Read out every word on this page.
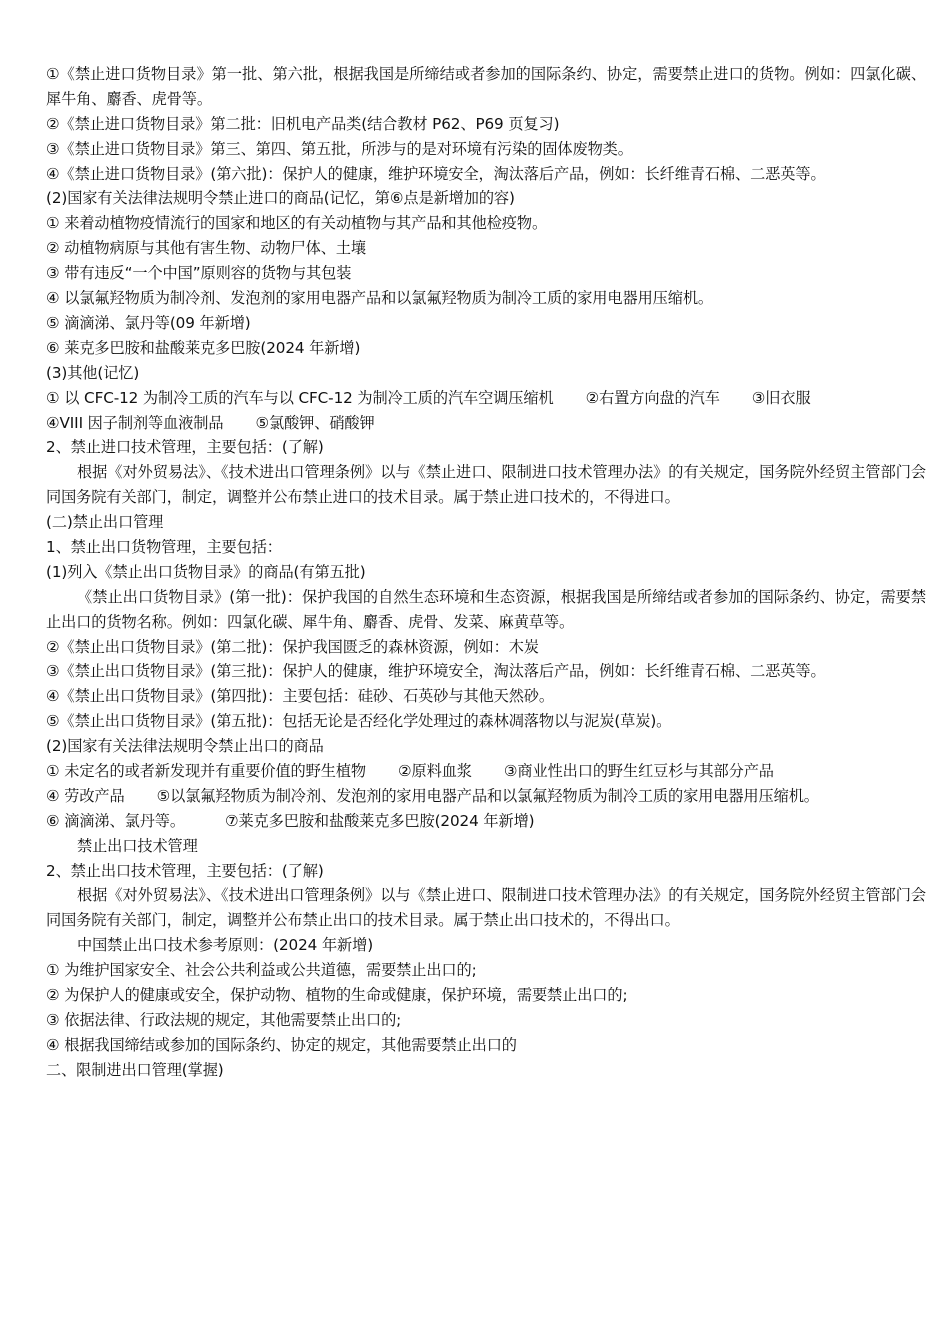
①《禁止进口货物目录》第一批、第六批，根据我国是所缔结或者参加的国际条约、协定，需要禁止进口的货物。例如：四氯化碳、犀牛角、麝香、虎骨等。
②《禁止进口货物目录》第二批：旧机电产品类(结合教材 P62、P69 页复习)
③《禁止进口货物目录》第三、第四、第五批，所涉与的是对环境有污染的固体废物类。
④《禁止进口货物目录》(第六批)：保护人的健康，维护环境安全，淘汰落后产品，例如：长纤维青石棉、二恶英等。
(2)国家有关法律法规明令禁止进口的商品(记忆，第⑥点是新增加的容)
① 来着动植物疫情流行的国家和地区的有关动植物与其产品和其他检疫物。
② 动植物病原与其他有害生物、动物尸体、土壤
③ 带有违反“一个中国”原则容的货物与其包装
④ 以氯氟羟物质为制冷剂、发泡剂的家用电器产品和以氯氟羟物质为制冷工质的家用电器用压缩机。
⑤ 滴滴涕、氯丹等(09 年新增)
⑥ 莱克多巴胺和盐酸莱克多巴胺(2024 年新增)
(3)其他(记忆)
① 以 CFC-12 为制冷工质的汽车与以 CFC-12 为制冷工质的汽车空调压缩机 ②右置方向盘的汽车 ③旧衣服
④VIII 因子制剂等血液制品 ⑤氯酸钾、硝酸钾
2、禁止进口技术管理，主要包括：(了解)
根据《对外贸易法》、《技术进出口管理条例》以与《禁止进口、限制进口技术管理办法》的有关规定，国务院外经贸主管部门会同国务院有关部门，制定，调整并公布禁止进口的技术目录。属于禁止进口技术的，不得进口。
(二)禁止出口管理
1、禁止出口货物管理，主要包括：
(1)列入《禁止出口货物目录》的商品(有第五批)
《禁止出口货物目录》(第一批)：保护我国的自然生态环境和生态资源，根据我国是所缔结或者参加的国际条约、协定，需要禁止出口的货物名称。例如：四氯化碳、犀牛角、麝香、虎骨、发菜、麻黄草等。
②《禁止出口货物目录》(第二批)：保护我国匮乏的森林资源，例如：木炭
③《禁止出口货物目录》(第三批)：保护人的健康，维护环境安全，淘汰落后产品，例如：长纤维青石棉、二恶英等。
④《禁止出口货物目录》(第四批)：主要包括：硅砂、石英砂与其他天然砂。
⑤《禁止出口货物目录》(第五批)：包括无论是否经化学处理过的森林凋落物以与泥炭(草炭)。
(2)国家有关法律法规明令禁止出口的商品
① 未定名的或者新发现并有重要价值的野生植物 ②原料血浆 ③商业性出口的野生红豆杉与其部分产品
④ 劳改产品 ⑤以氯氟羟物质为制冷剂、发泡剂的家用电器产品和以氯氟羟物质为制冷工质的家用电器用压缩机。
⑥ 滴滴涕、氯丹等。	⑦莱克多巴胺和盐酸莱克多巴胺(2024 年新增)
禁止出口技术管理
2、禁止出口技术管理，主要包括：(了解)
根据《对外贸易法》、《技术进出口管理条例》以与《禁止进口、限制进口技术管理办法》的有关规定，国务院外经贸主管部门会同国务院有关部门，制定，调整并公布禁止出口的技术目录。属于禁止出口技术的，不得出口。
中国禁止出口技术参考原则：(2024 年新增)
① 为维护国家安全、社会公共利益或公共道德，需要禁止出口的;
② 为保护人的健康或安全，保护动物、植物的生命或健康，保护环境，需要禁止出口的;
③ 依据法律、行政法规的规定，其他需要禁止出口的;
④ 根据我国缔结或参加的国际条约、协定的规定，其他需要禁止出口的
二、限制进出口管理(掌握)
